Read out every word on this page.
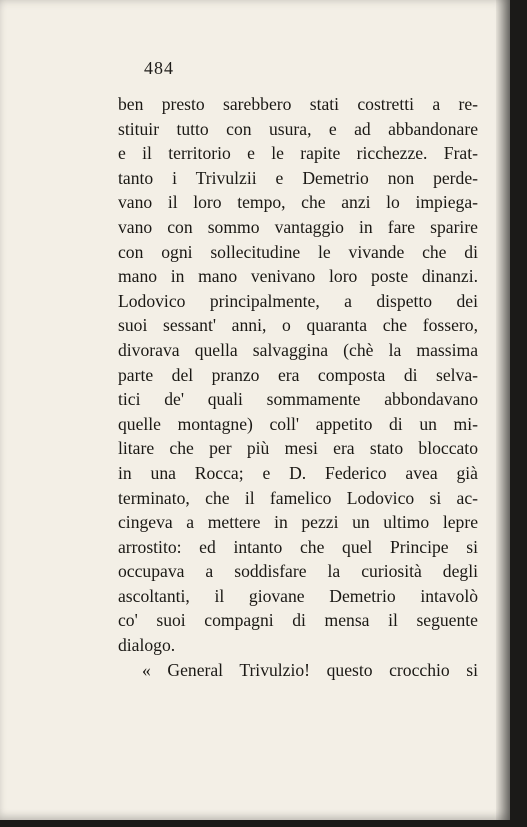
484
ben presto sarebbero stati costretti a re-
stituir tutto con usura, e ad abbandonare
e il territorio e le rapite ricchezze. Frat-
tanto i Trivulzii e Demetrio non perde-
vano il loro tempo, che anzi lo impiega-
vano con sommo vantaggio in fare sparire
con ogni sollecitudine le vivande che di
mano in mano venivano loro poste dinanzi.
Lodovico principalmente, a dispetto dei
suoi sessant' anni, o quaranta che fossero,
divorava quella salvaggina (chè la massima
parte del pranzo era composta di selva-
tici de' quali sommamente abbondavano
quelle montagne) coll' appetito di un mi-
litare che per più mesi era stato bloccato
in una Rocca; e D. Federico avea già
terminato, che il famelico Lodovico si ac-
cingeva a mettere in pezzi un ultimo lepre
arrostito: ed intanto che quel Principe si
occupava a soddisfare la curiosità degli
ascoltanti, il giovane Demetrio intavolò
co' suoi compagni di mensa il seguente
dialogo.
« General Trivulzio! questo crocchio si
